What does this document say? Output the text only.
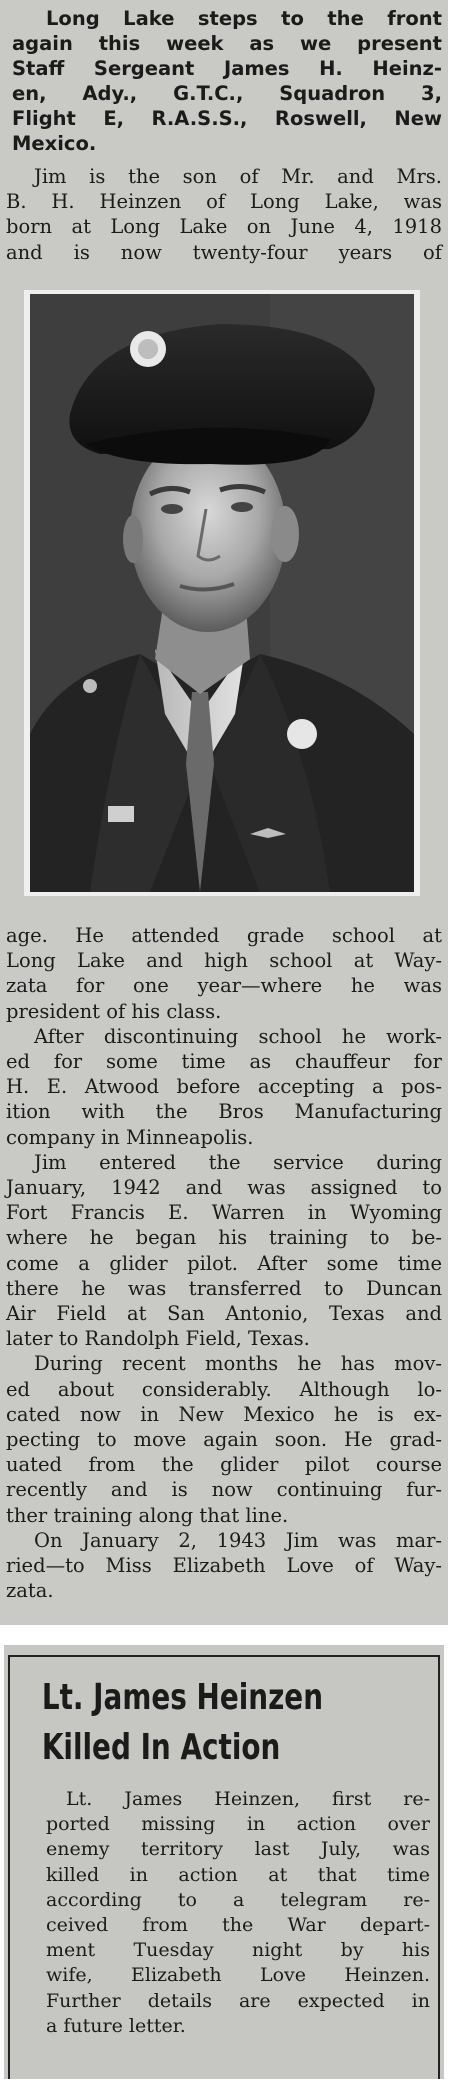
Long Lake steps to the front

again this week as we present

Staff Sergeant James H. Heinz-

en, Ady., G.T.C., Squadron 3,

Flight E, R.A.S.S., Roswell, New

Mexico.

Jim is the son of Mr. and Mrs.

B. H. Heinzen of Long Lake, was

born at Long Lake on June 4, 1918

and is now twenty-four years of

age. He attended grade school at

Long Lake and high school at Way-

zata for one year—where he was

president of his class.

After discontinuing school he work-

ed for some time as chauffeur for

H. E. Atwood before accepting a pos-

ition with the Bros Manufacturing

company in Minneapolis.

Jim entered the service during

January, 1942 and was assigned to

Fort Francis E. Warren in Wyoming

where he began his training to be-

come a glider pilot. After some time

there he was transferred to Duncan

Air Field at San Antonio, Texas and

later to Randolph Field, Texas.

During recent months he has mov-

ed about considerably. Although lo-

cated now in New Mexico he is ex-

pecting to move again soon. He grad-

uated from the glider pilot course

recently and is now continuing fur-

ther training along that line.

On January 2, 1943 Jim was mar-

ried—to Miss Elizabeth Love of Way-

zata.

Lt. James Heinzen

Killed In Action

Lt. James Heinzen, first re-

ported missing in action over

enemy territory last July, was

killed in action at that time

according to a telegram re-

ceived from the War depart-

ment Tuesday night by his

wife, Elizabeth Love Heinzen.

Further details are expected in

a future letter.
